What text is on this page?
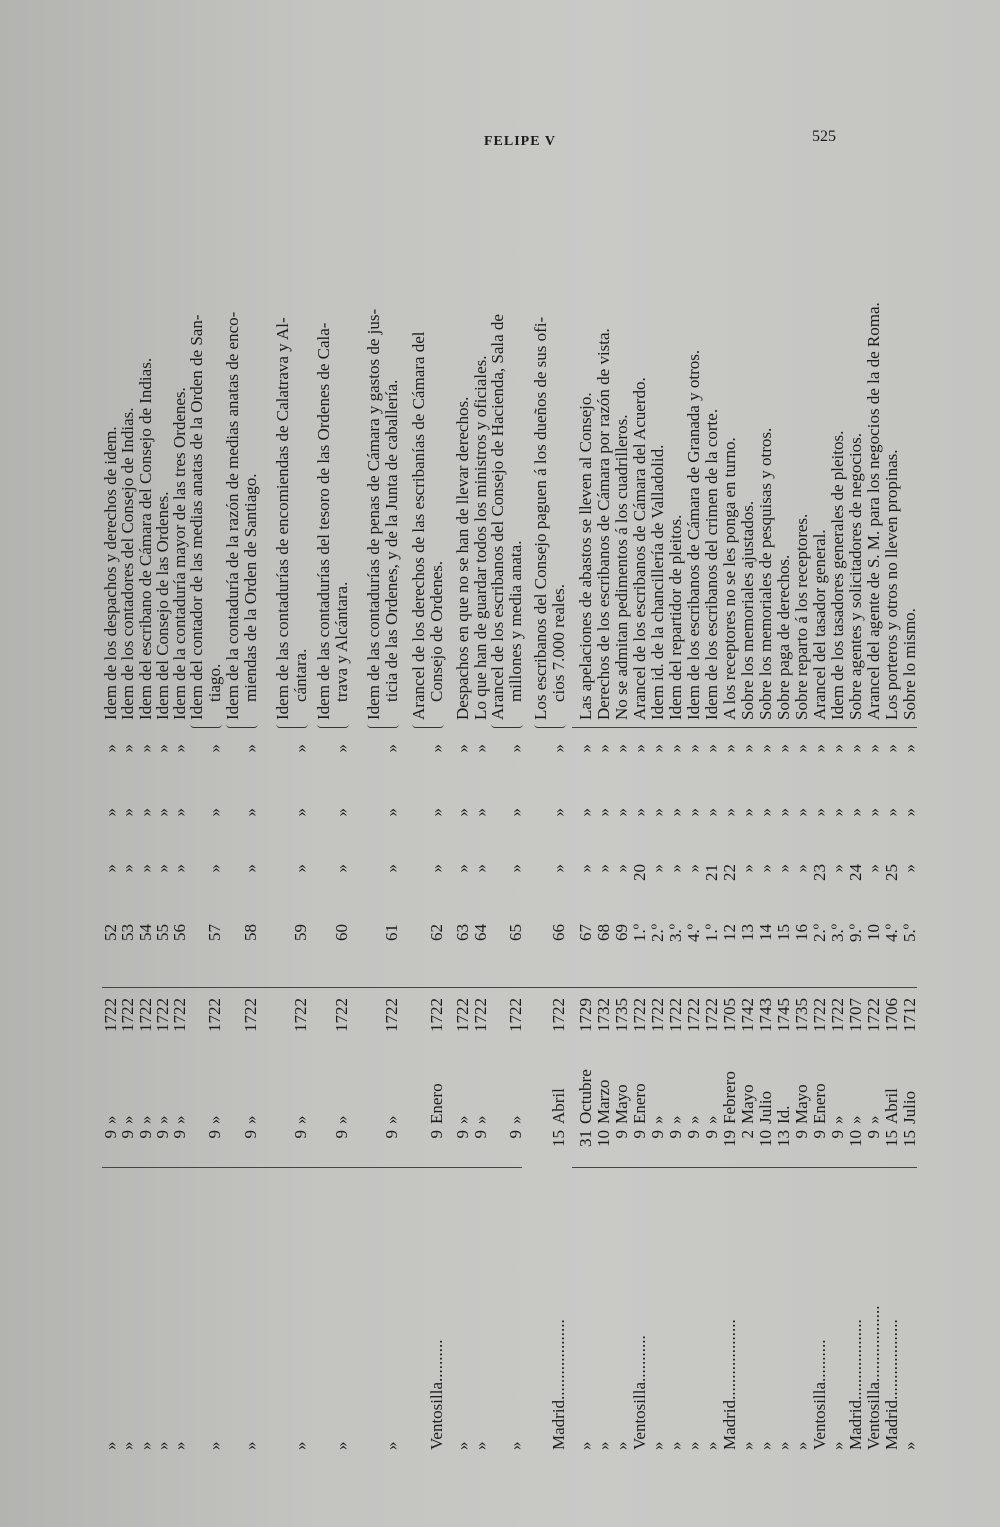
FELIPE V	525
»
9
»
1722
52
»
»
»
Idem de los despachos y derechos de idem.
»
9
»
1722
53
»
»
»
Idem de los contadores del Consejo de Indias.
»
9
»
1722
54
»
»
»
Idem del escribano de Cámara del Consejo de Indias.
»
9
»
1722
55
»
»
»
Idem del Consejo de las Ordenes.
»
9
»
1722
56
»
»
»
Idem de la contaduría mayor de las tres Ordenes.
»
9
»
1722
57
»
»
»
Idem del contador de las medias anatas de la Orden de San- tiago.
»
9
»
1722
58
»
»
»
Idem de la contaduría de la razón de medias anatas de enco- miendas de la Orden de Santiago.
»
9
»
1722
59
»
»
»
Idem de las contadurías de encomiendas de Calatrava y Al- cántara.
»
9
»
1722
60
»
»
»
Idem de las contadurías del tesoro de las Ordenes de Cala- trava y Alcántara.
»
9
»
1722
61
»
»
»
Idem de las contadurías de penas de Cámara y gastos de jus- ticia de las Ordenes, y de la Junta de caballería.
Ventosilla..........
9
Enero
1722
62
»
»
»
Arancel de los derechos de las escribanías de Cámara del Consejo de Ordenes.
»
9
»
1722
63
»
»
»
Despachos en que no se han de llevar derechos.
»
9
»
1722
64
»
»
»
Lo que han de guardar todos los ministros y oficiales.
»
9
»
1722
65
»
»
»
Arancel de los escribanos del Consejo de Hacienda, Sala de millones y media anata.
Madrid...................
15
Abril
1722
66
»
»
»
Los escribanos del Consejo paguen á los dueños de sus ofi- cios 7.000 reales.
»
31
Octubre
1729
67
»
»
»
Las apelaciones de abastos se lleven al Consejo.
»
10
Marzo
1732
68
»
»
»
Derechos de los escribanos de Cámara por razón de vista.
»
9
Mayo
1735
69
»
»
»
No se admitan pedimentos á los cuadrilleros.
Ventosilla...........
9
Enero
1722
1.º
20
»
»
Arancel de los escribanos de Cámara del Acuerdo.
»
9
»
1722
2.º
»
»
»
Idem id. de la chancillería de Valladolid.
»
9
»
1722
3.º
»
»
»
Idem del repartidor de pleitos.
»
9
»
1722
4.º
»
»
»
Idem de los escribanos de Cámara de Granada y otros.
»
9
»
1722
1.º
21
»
»
Idem de los escribanos del crimen de la corte.
Madrid...................
19
Febrero
1705
12
22
»
»
A los receptores no se les ponga en turno.
»
2
Mayo
1742
13
»
»
»
Sobre los memoriales ajustados.
»
10
Julio
1743
14
»
»
»
Sobre los memoriales de pesquisas y otros.
»
13
Id.
1745
15
»
»
»
Sobre paga de derechos.
»
9
Mayo
1735
16
»
»
»
Sobre reparto á los receptores.
Ventosilla..........
9
Enero
1722
2.º
23
»
»
Arancel del tasador general.
»
9
»
1722
3.º
»
»
»
Idem de los tasadores generales de pleitos.
Madrid...................
10
»
1707
9.º
24
»
»
Sobre agentes y solicitadores de negocios.
Ventosilla..................
9
»
1722
10
»
»
»
Arancel del agente de S. M. para los negocios de la de Roma.
Madrid...................
15
Abril
1706
4.º
25
»
»
Los porteros y otros no lleven propinas.
»
15
Julio
1712
5.º
»
»
»
Sobre lo mismo.
